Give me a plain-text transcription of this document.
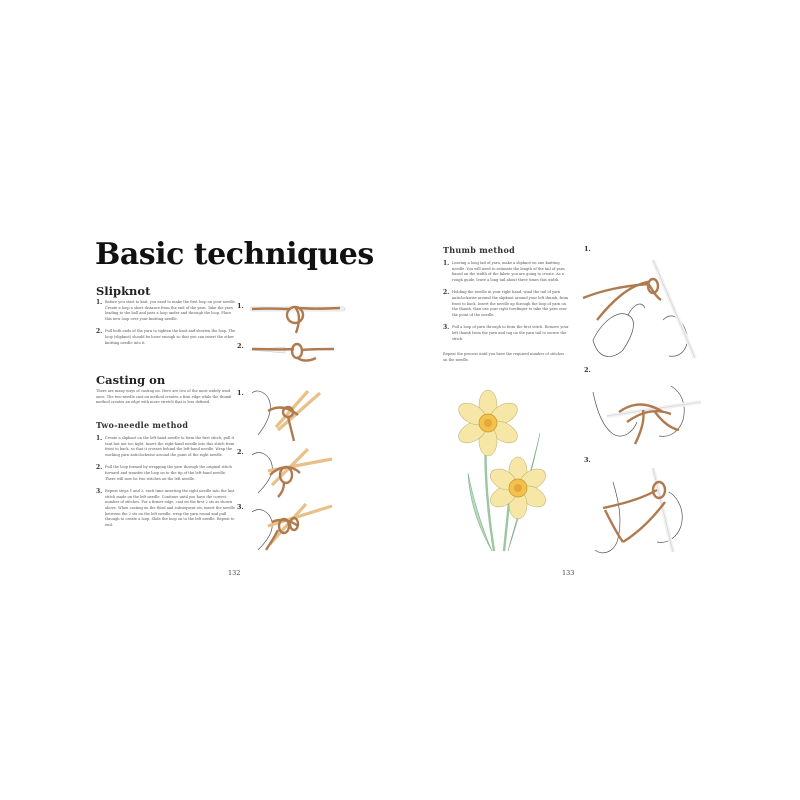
Basic techniques
Slipknot
1. Before you start to knit, you need to make the first loop on your needle. Create a loop a short distance from the end of the yarn. Take the yarn leading to the ball and pass a loop under and through the loop. Place this new loop over your knitting needle.
2. Pull both ends of the yarn to tighten the knot and shorten the loop. The loop (slipknot) should be loose enough so that you can insert the other knitting needle into it.
Casting on

There are many ways of casting on. Here are two of the most widely used ones. The two-needle cast-on method creates a firm edge while the thumb method creates an edge with more stretch that is less defined.

Two-needle method
1. Create a slipknot on the left-hand needle to form the first stitch; pull it taut but not too tight. Insert the right-hand needle into this stitch from front to back, so that it crosses behind the left-hand needle. Wrap the working yarn anticlockwise around the point of the right needle.
2. Pull the loop formed by wrapping the yarn through the original stitch forward and transfer the loop on to the tip of the left-hand needle. There will now be two stitches on the left needle.
3. Repeat steps 1 and 2, each time inserting the right needle into the last stitch made on the left needle. Continue until you have the correct number of stitches. For a firmer edge, cast on the first 2 sts as shown above. When casting on the third and subsequent sts, insert the needle between the 2 sts on the left needle, wrap the yarn round and pull through to create a loop. Slide the loop on to the left needle. Repeat to end.
1.
2.
1.
2.
3.
132
Thumb method
1. Leaving a long tail of yarn, make a slipknot on one knitting needle. You will need to estimate the length of the tail of yarn based on the width of the fabric you are going to create. As a rough guide, leave a long tail about three times this width.
2. Holding the needle in your right hand, wind the tail of yarn anticlockwise around the slipknot around your left thumb, from front to back. Insert the needle up through the loop of yarn on the thumb, then use your right forefinger to take the yarn over the point of the needle.
3. Pull a loop of yarn through to form the first stitch. Remove your left thumb from the yarn and tug on the yarn tail to secure the stitch.

Repeat the process until you have the required number of stitches on the needle.

1.
2.
3.
133
